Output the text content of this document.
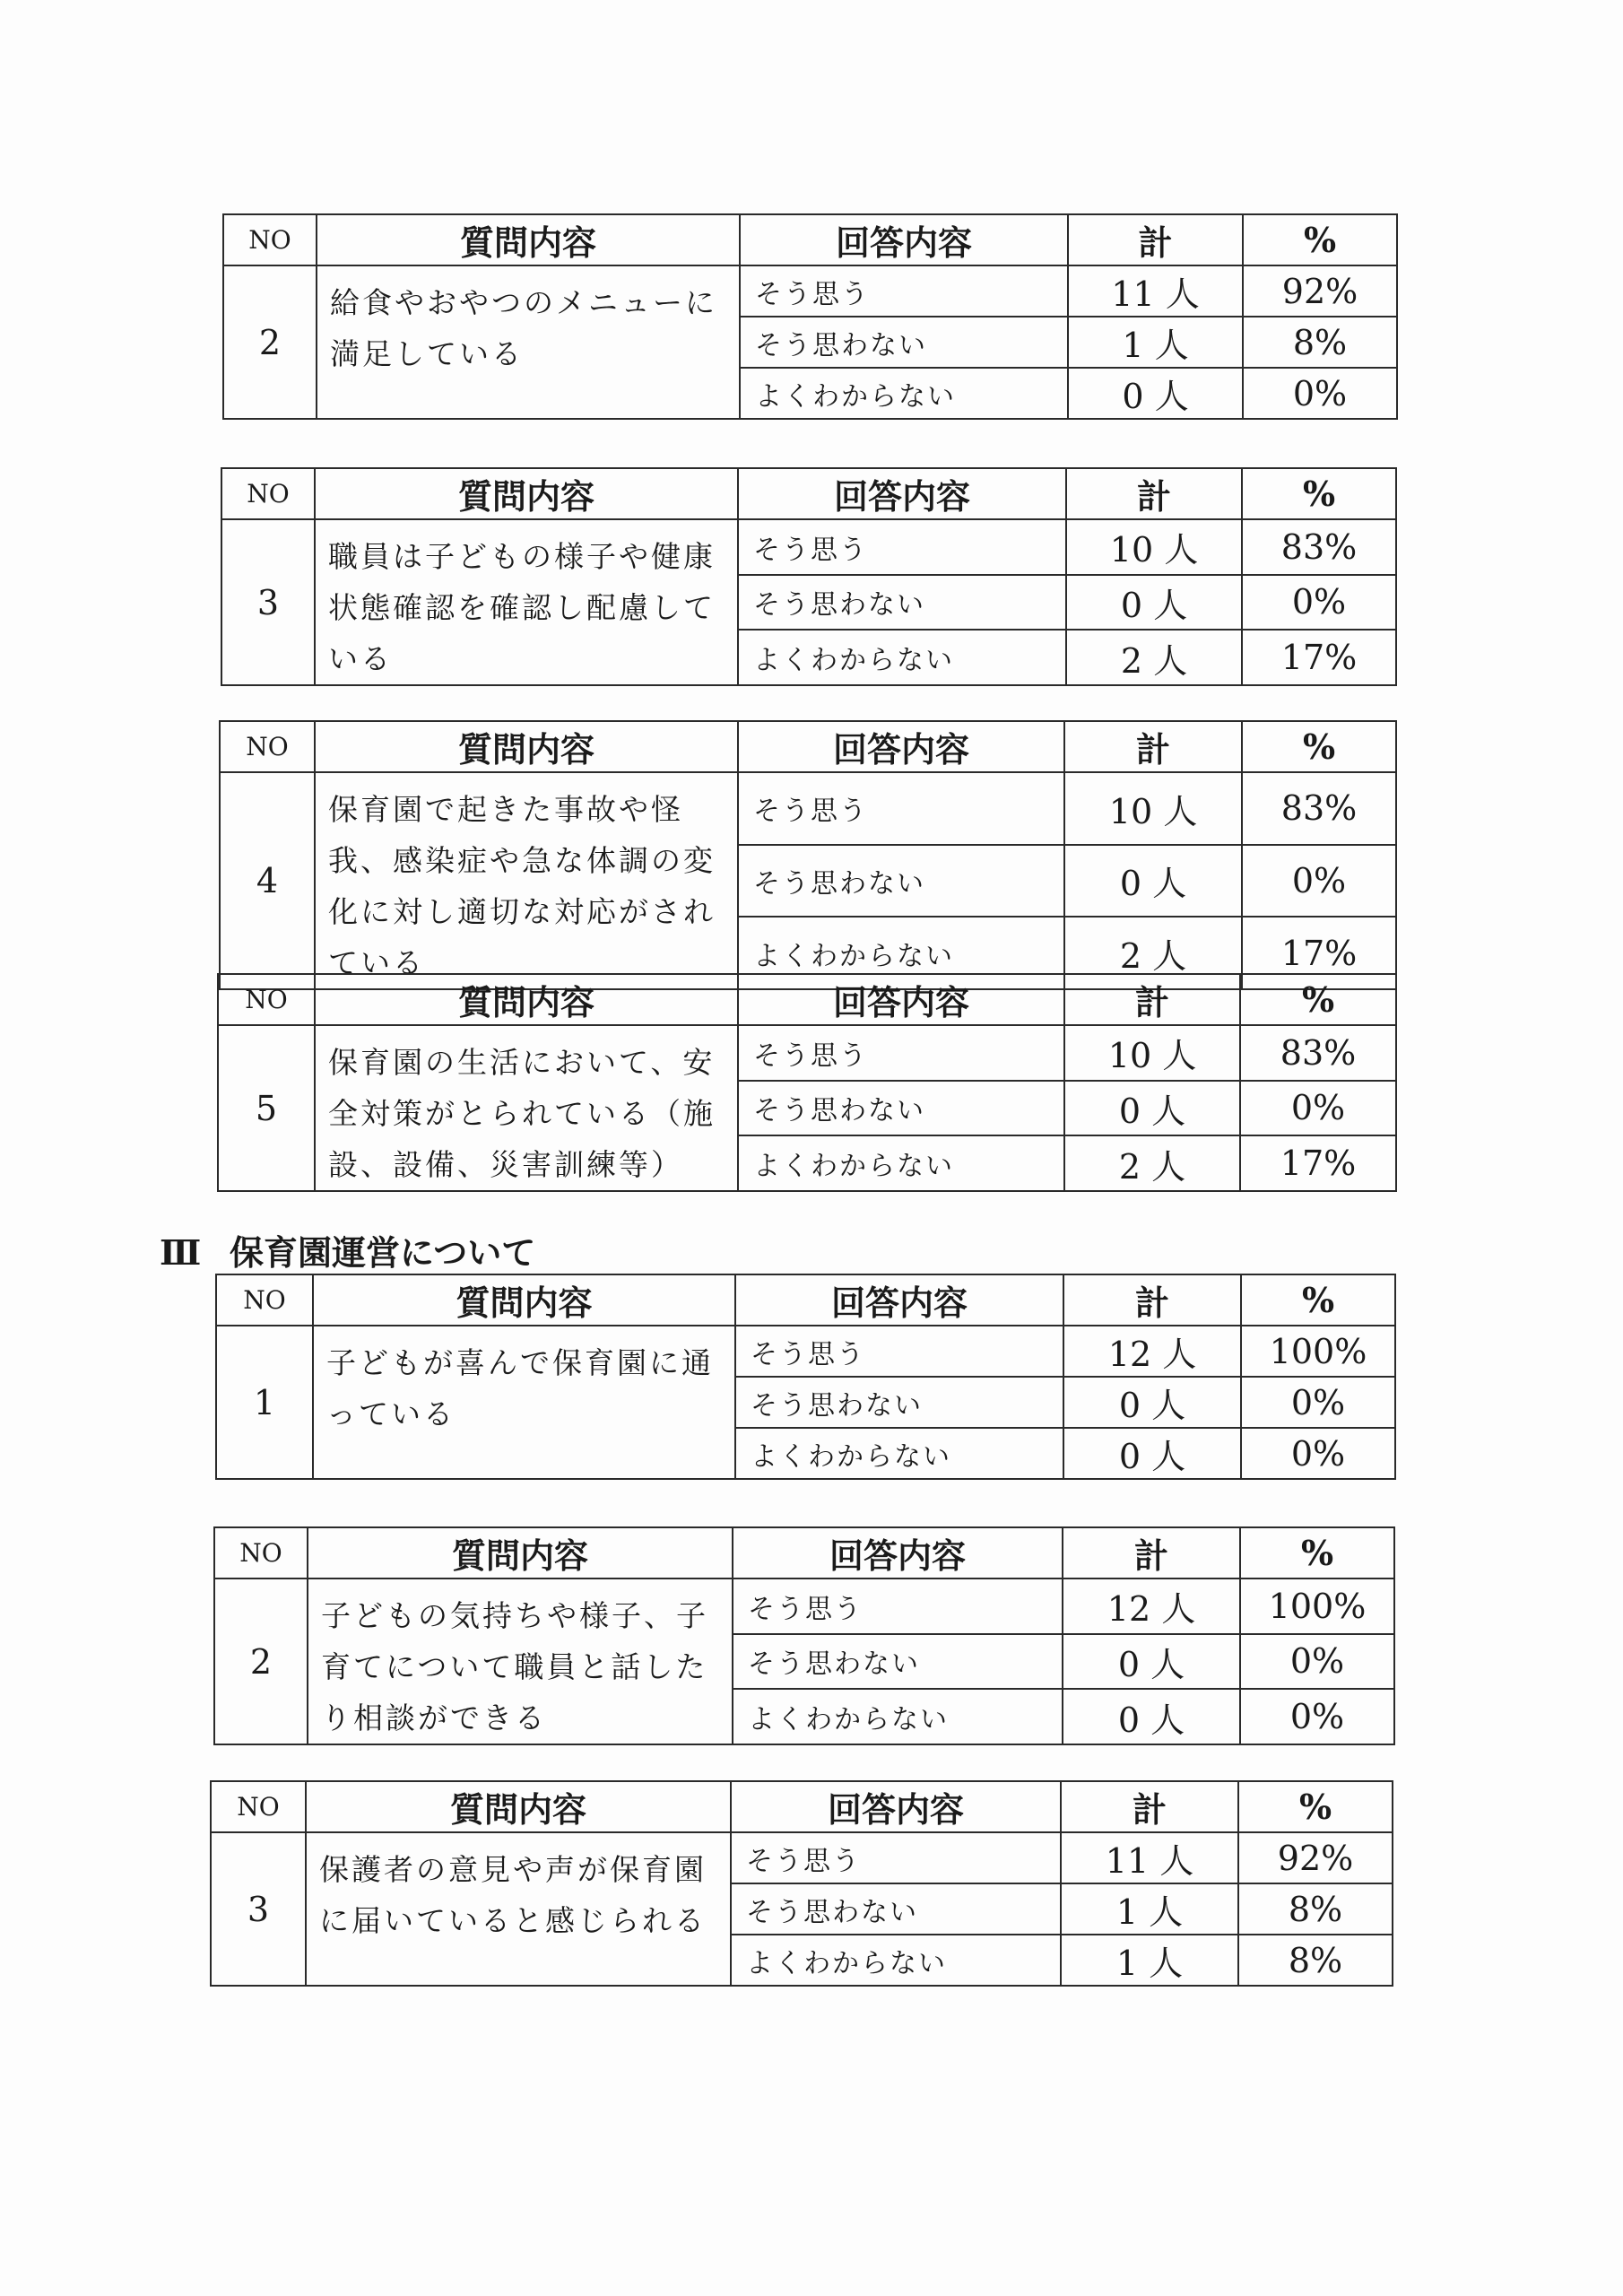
Ⅲ 保育園運営について
NO	質問内容	回答内容	計	%
2	給食やおやつのメニューに満足している	そう思う	11 人	92%
		そう思わない	1 人	8%
		よくわからない	0 人	0%
NO	質問内容	回答内容	計	%
3	職員は子どもの様子や健康状態確認を確認し配慮している	そう思う	10 人	83%
		そう思わない	0 人	0%
		よくわからない	2 人	17%
NO	質問内容	回答内容	計	%
4	保育園で起きた事故や怪我、感染症や急な体調の変化に対し適切な対応がされている	そう思う	10 人	83%
		そう思わない	0 人	0%
		よくわからない	2 人	17%
NO	質問内容	回答内容	計	%
5	保育園の生活において、安全対策がとられている（施設、設備、災害訓練等）	そう思う	10 人	83%
		そう思わない	0 人	0%
		よくわからない	2 人	17%
NO	質問内容	回答内容	計	%
1	子どもが喜んで保育園に通っている	そう思う	12 人	100%
		そう思わない	0 人	0%
		よくわからない	0 人	0%
NO	質問内容	回答内容	計	%
2	子どもの気持ちや様子、子育てについて職員と話したり相談ができる	そう思う	12 人	100%
		そう思わない	0 人	0%
		よくわからない	0 人	0%
NO	質問内容	回答内容	計	%
3	保護者の意見や声が保育園に届いていると感じられる	そう思う	11 人	92%
		そう思わない	1 人	8%
		よくわからない	1 人	8%
